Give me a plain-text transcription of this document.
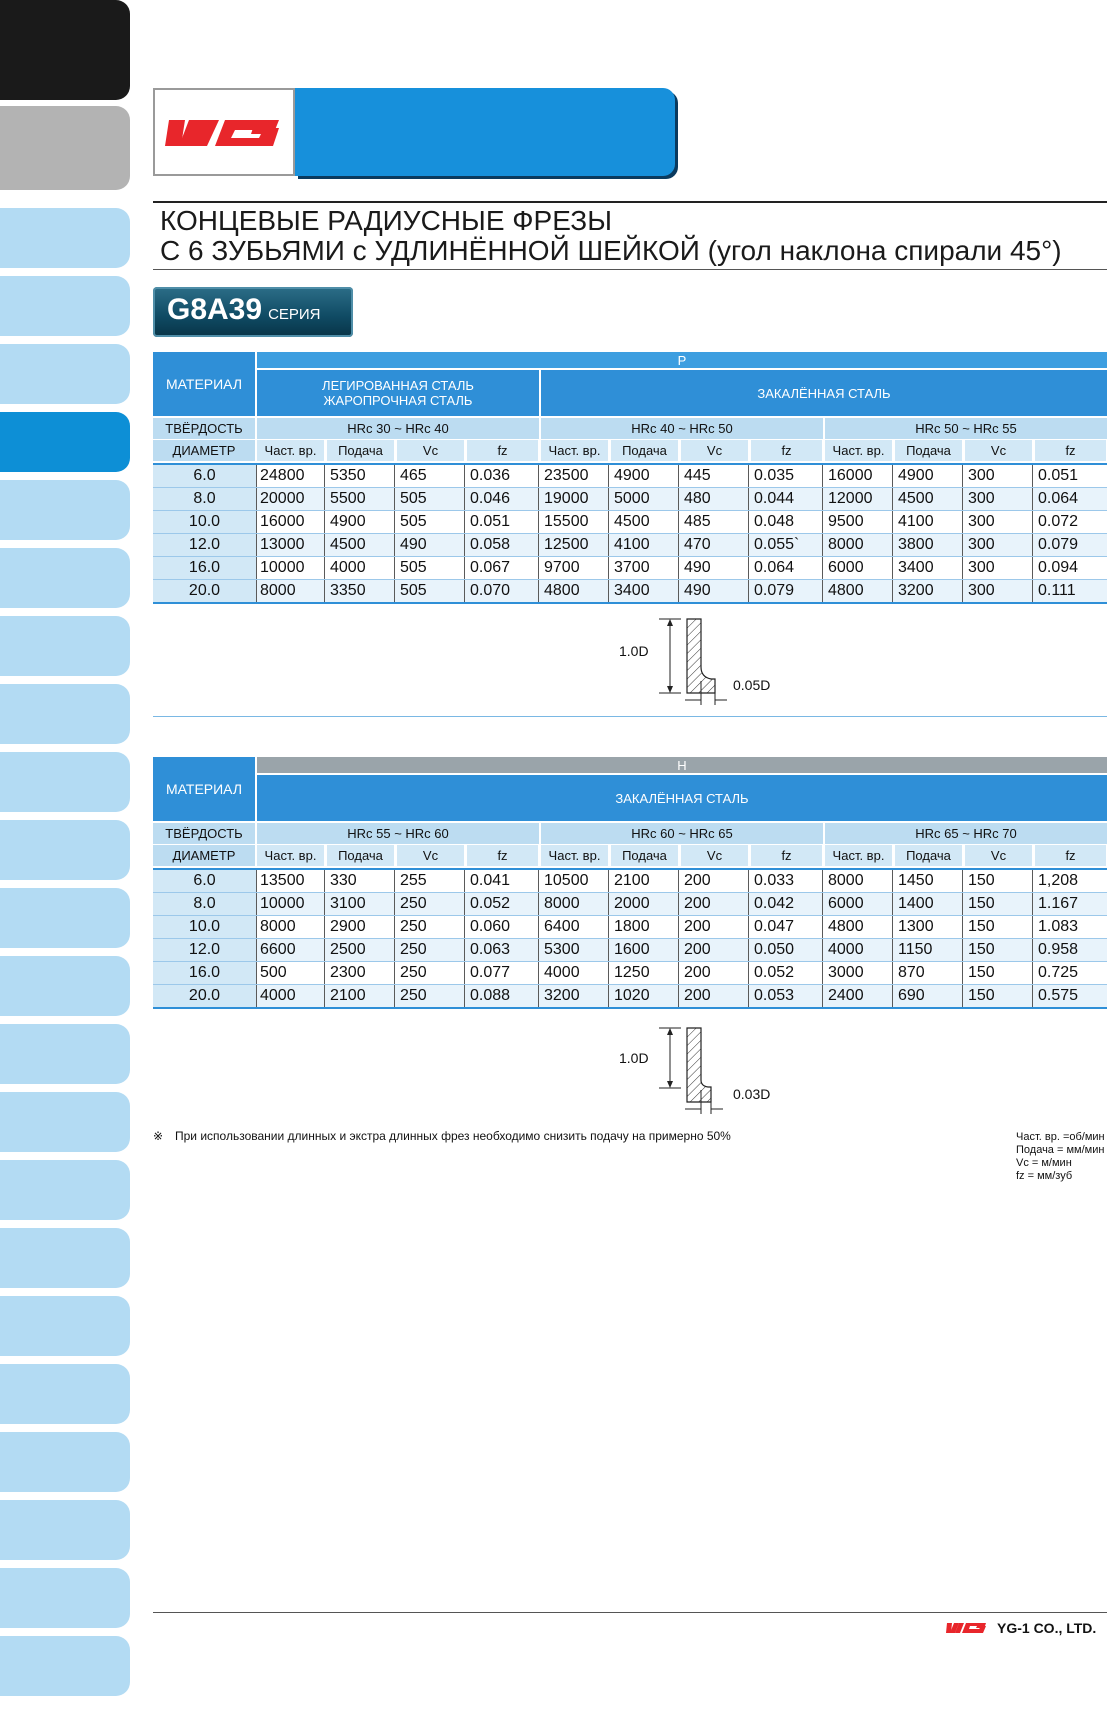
КОНЦЕВЫЕ РАДИУСНЫЕ ФРЕЗЫ
С 6 ЗУБЬЯМИ с УДЛИНЁННОЙ ШЕЙКОЙ (угол наклона спирали 45°)
G8A39 СЕРИЯ
МАТЕРИАЛ
P
ЛЕГИРОВАННАЯ СТАЛЬ
ЖАРОПРОЧНАЯ СТАЛЬ	ЗАКАЛЁННАЯ СТАЛЬ
ТВЁРДОСТЬ	HRc 30 ~ HRc 40	HRc 40 ~ HRc 50	HRc 50 ~ HRc 55
ДИАМЕТР	Част. вр.	Подача	Vc	fz	Част. вр.	Подача	Vc	fz	Част. вр.	Подача	Vc	fz
6.0	24800	5350	465	0.036	23500	4900	445	0.035	16000	4900	300	0.051
8.0	20000	5500	505	0.046	19000	5000	480	0.044	12000	4500	300	0.064
10.0	16000	4900	505	0.051	15500	4500	485	0.048	9500	4100	300	0.072
12.0	13000	4500	490	0.058	12500	4100	470	0.055`	8000	3800	300	0.079
16.0	10000	4000	505	0.067	9700	3700	490	0.064	6000	3400	300	0.094
20.0	8000	3350	505	0.070	4800	3400	490	0.079	4800	3200	300	0.111
1.0D
0.05D
МАТЕРИАЛ
H
ЗАКАЛЁННАЯ СТАЛЬ
ТВЁРДОСТЬ	HRc 55 ~ HRc 60	HRc 60 ~ HRc 65	HRc 65 ~ HRc 70
ДИАМЕТР	Част. вр.	Подача	Vc	fz	Част. вр.	Подача	Vc	fz	Част. вр.	Подача	Vc	fz
6.0	13500	330	255	0.041	10500	2100	200	0.033	8000	1450	150	1,208
8.0	10000	3100	250	0.052	8000	2000	200	0.042	6000	1400	150	1.167
10.0	8000	2900	250	0.060	6400	1800	200	0.047	4800	1300	150	1.083
12.0	6600	2500	250	0.063	5300	1600	200	0.050	4000	1150	150	0.958
16.0	500	2300	250	0.077	4000	1250	200	0.052	3000	870	150	0.725
20.0	4000	2100	250	0.088	3200	1020	200	0.053	2400	690	150	0.575
1.0D
0.03D
※ При использовании длинных и экстра длинных фрез необходимо снизить подачу на примерно 50%	Част. вр. =об/мин
Подача = мм/мин
Vc = м/мин
fz = мм/зуб
YG-1 CO., LTD.
